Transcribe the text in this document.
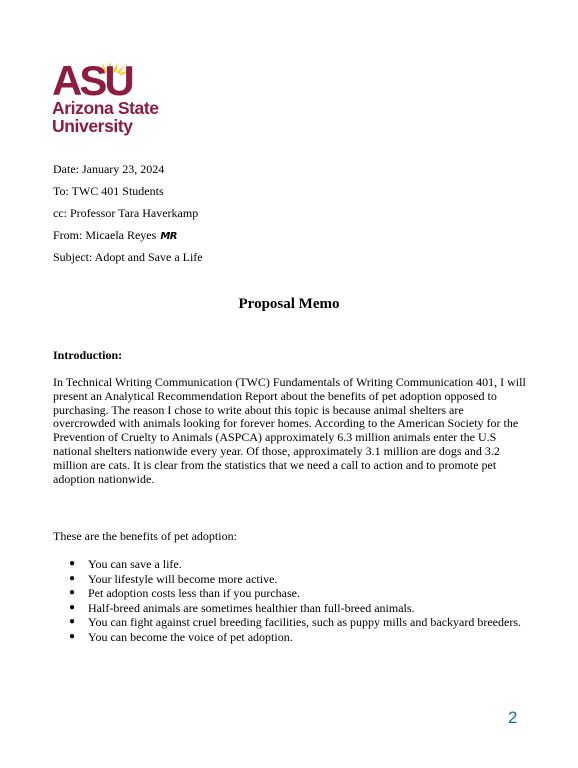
ASU
Arizona State
University
Date: January 23, 2024
To: TWC 401 Students
cc: Professor Tara Haverkamp
From: Micaela Reyes MR
Subject: Adopt and Save a Life
Proposal Memo
Introduction:
In Technical Writing Communication (TWC) Fundamentals of Writing Communication 401, I will present an Analytical Recommendation Report about the benefits of pet adoption opposed to purchasing. The reason I chose to write about this topic is because animal shelters are overcrowded with animals looking for forever homes. According to the American Society for the Prevention of Cruelty to Animals (ASPCA) approximately 6.3 million animals enter the U.S national shelters nationwide every year. Of those, approximately 3.1 million are dogs and 3.2 million are cats. It is clear from the statistics that we need a call to action and to promote pet adoption nationwide.
These are the benefits of pet adoption:
● You can save a life.
● Your lifestyle will become more active.
● Pet adoption costs less than if you purchase.
● Half-breed animals are sometimes healthier than full-breed animals.
● You can fight against cruel breeding facilities, such as puppy mills and backyard breeders.
● You can become the voice of pet adoption.
2
